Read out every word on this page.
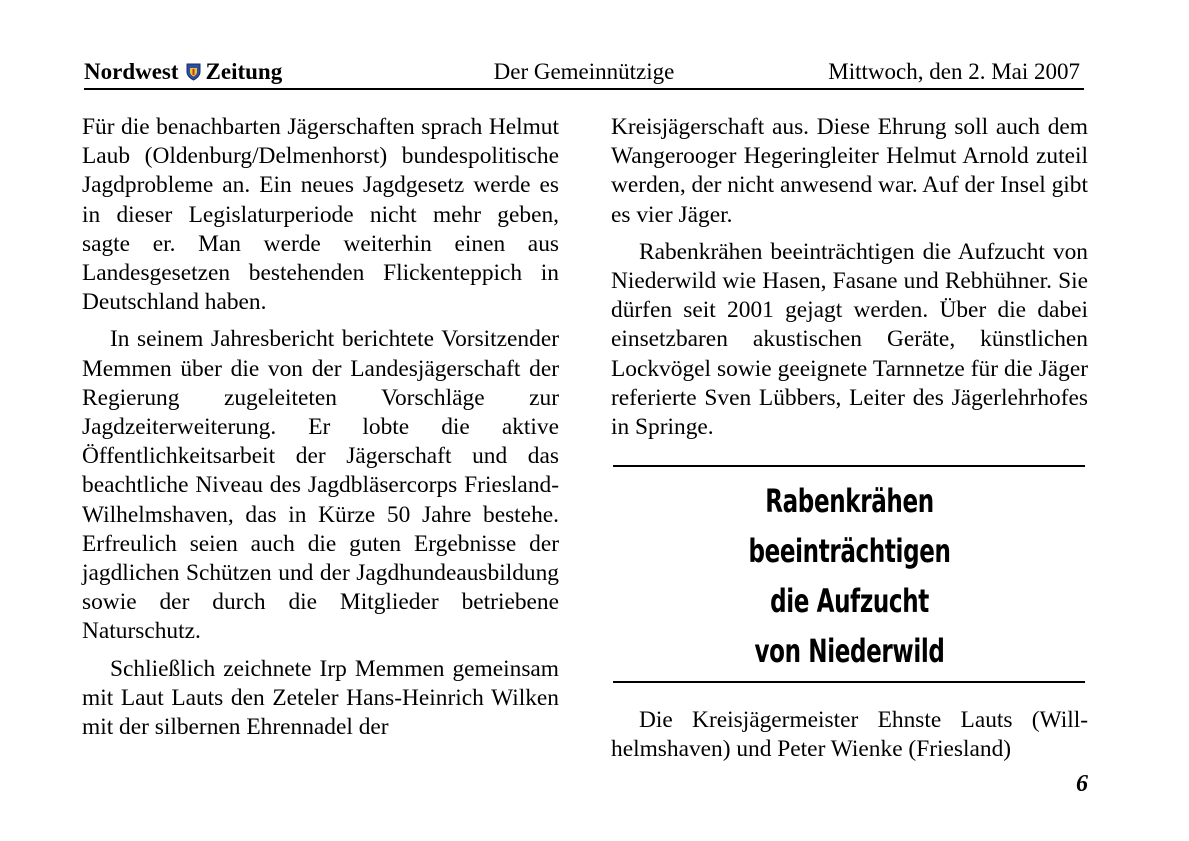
Nordwest Zeitung	Der Gemeinnützige	Mittwoch, den 2. Mai 2007

Für die benachbarten Jägerschaften sprach Helmut Laub (Oldenburg/Delmenhorst) bundespolitische Jagdprobleme an. Ein neues Jagdgesetz werde es in dieser Legislaturperiode nicht mehr geben, sagte er. Man werde weiterhin einen aus Landesgesetzen bestehenden Flickenteppich in Deutschland haben.

In seinem Jahresbericht berichtete Vorsitzender Memmen über die von der Landesjägerschaft der Regierung zugeleiteten Vorschläge zur Jagdzeiterweiterung. Er lobte die aktive Öffentlichkeitsarbeit der Jägerschaft und das beachtliche Niveau des Jagdbläsercorps Friesland-Wilhelmshaven, das in Kürze 50 Jahre bestehe. Erfreulich seien auch die guten Ergebnisse der jagdlichen Schützen und der Jagdhundeausbildung sowie der durch die Mitglieder betriebene Naturschutz.

Schließlich zeichnete Irp Memmen gemeinsam mit Laut Lauts den Zeteler Hans-Heinrich Wilken mit der silbernen Ehrennadel der

Kreisjägerschaft aus. Diese Ehrung soll auch dem Wangerooger Hegeringleiter Helmut Arnold zuteil werden, der nicht anwesend war. Auf der Insel gibt es vier Jäger.

Rabenkrähen beeinträchtigen die Aufzucht von Niederwild wie Hasen, Fasane und Rebhühner. Sie dürfen seit 2001 gejagt werden. Über die dabei einsetzbaren akustischen Geräte, künstlichen Lockvögel sowie geeignete Tarnnetze für die Jäger referierte Sven Lübbers, Leiter des Jägerlehrhofes in Springe.

Rabenkrähen
beeinträchtigen
die Aufzucht
von Niederwild

Die Kreisjägermeister Ehnste Lauts (Willhelmshaven) und Peter Wienke (Friesland)

6
